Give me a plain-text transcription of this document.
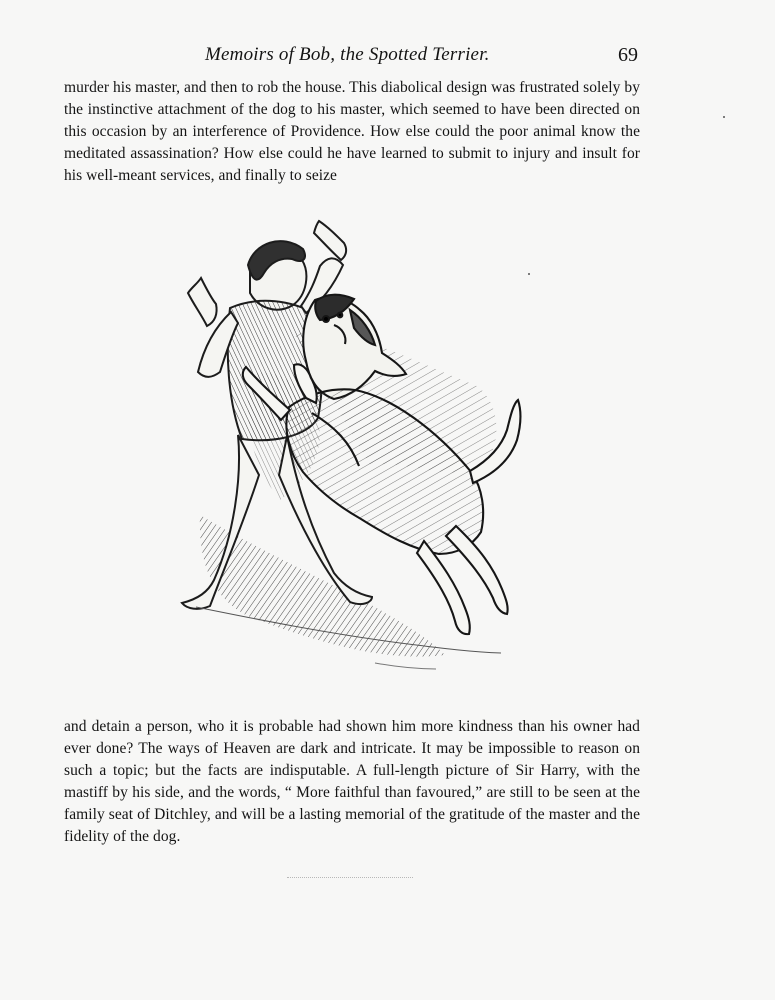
Memoirs of Bob, the Spotted Terrier.	69
murder his master, and then to rob the house. This diabolical design was frustrated solely by the instinctive attachment of the dog to his master, which seemed to have been directed on this occasion by an interference of Providence. How else could the poor animal know the meditated assassination? How else could he have learned to submit to injury and insult for his well-meant services, and finally to seize
and detain a person, who it is probable had shown him more kindness than his owner had ever done? The ways of Heaven are dark and intricate. It may be impossible to reason on such a topic; but the facts are indisputable. A full-length picture of Sir Harry, with the mastiff by his side, and the words, “ More faithful than favoured,” are still to be seen at the family seat of Ditchley, and will be a lasting memorial of the gratitude of the master and the fidelity of the dog.
